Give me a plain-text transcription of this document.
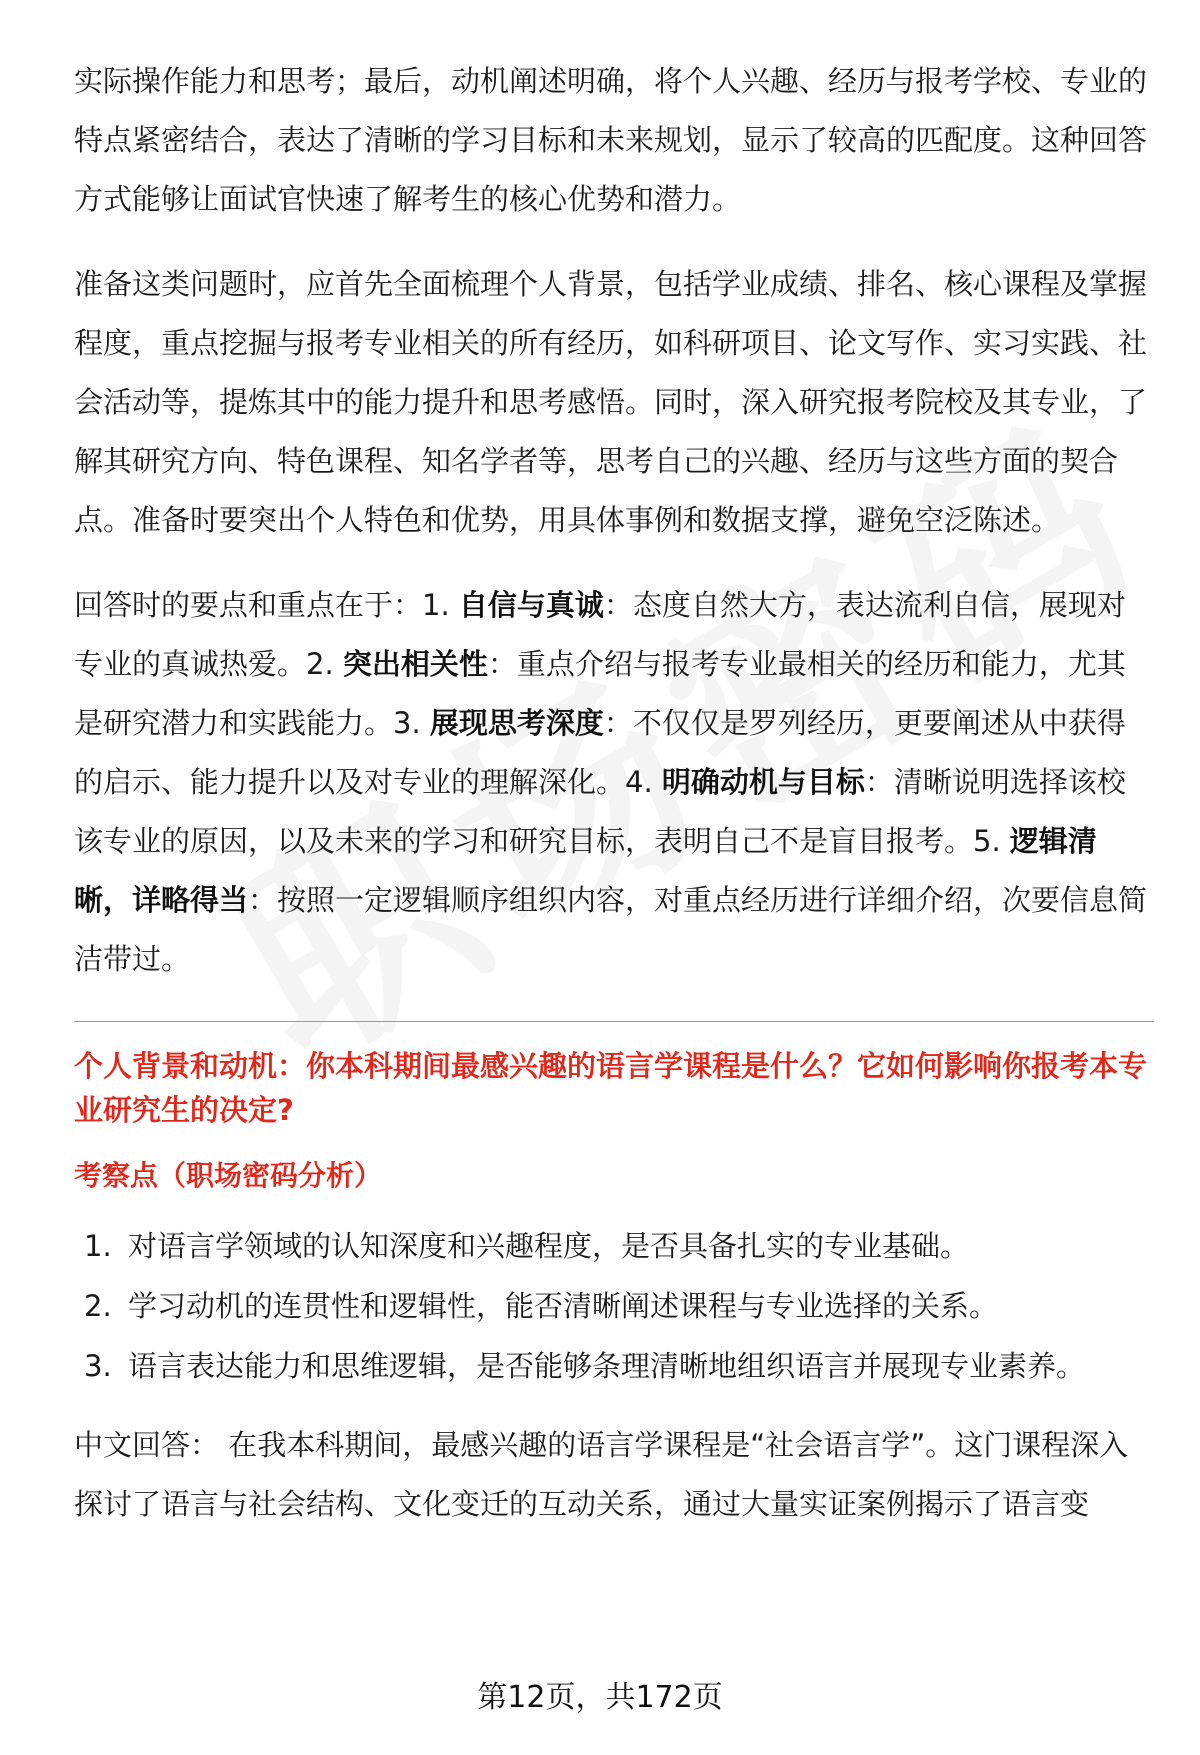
实际操作能力和思考；最后，动机阐述明确，将个人兴趣、经历与报考学校、专业的特点紧密结合，表达了清晰的学习目标和未来规划，显示了较高的匹配度。这种回答方式能够让面试官快速了解考生的核心优势和潜力。

准备这类问题时，应首先全面梳理个人背景，包括学业成绩、排名、核心课程及掌握程度，重点挖掘与报考专业相关的所有经历，如科研项目、论文写作、实习实践、社会活动等，提炼其中的能力提升和思考感悟。同时，深入研究报考院校及其专业，了解其研究方向、特色课程、知名学者等，思考自己的兴趣、经历与这些方面的契合点。准备时要突出个人特色和优势，用具体事例和数据支撑，避免空泛陈述。

回答时的要点和重点在于：1. 自信与真诚：态度自然大方，表达流利自信，展现对专业的真诚热爱。2. 突出相关性：重点介绍与报考专业最相关的经历和能力，尤其是研究潜力和实践能力。3. 展现思考深度：不仅仅是罗列经历，更要阐述从中获得的启示、能力提升以及对专业的理解深化。4. 明确动机与目标：清晰说明选择该校该专业的原因，以及未来的学习和研究目标，表明自己不是盲目报考。5. 逻辑清晰，详略得当：按照一定逻辑顺序组织内容，对重点经历进行详细介绍，次要信息简洁带过。

个人背景和动机：你本科期间最感兴趣的语言学课程是什么？它如何影响你报考本专业研究生的决定?
考察点（职场密码分析）
1. 对语言学领域的认知深度和兴趣程度，是否具备扎实的专业基础。
2. 学习动机的连贯性和逻辑性，能否清晰阐述课程与专业选择的关系。
3. 语言表达能力和思维逻辑，是否能够条理清晰地组织语言并展现专业素养。

中文回答： 在我本科期间，最感兴趣的语言学课程是“社会语言学”。这门课程深入探讨了语言与社会结构、文化变迁的互动关系，通过大量实证案例揭示了语言变

第12页，共172页
